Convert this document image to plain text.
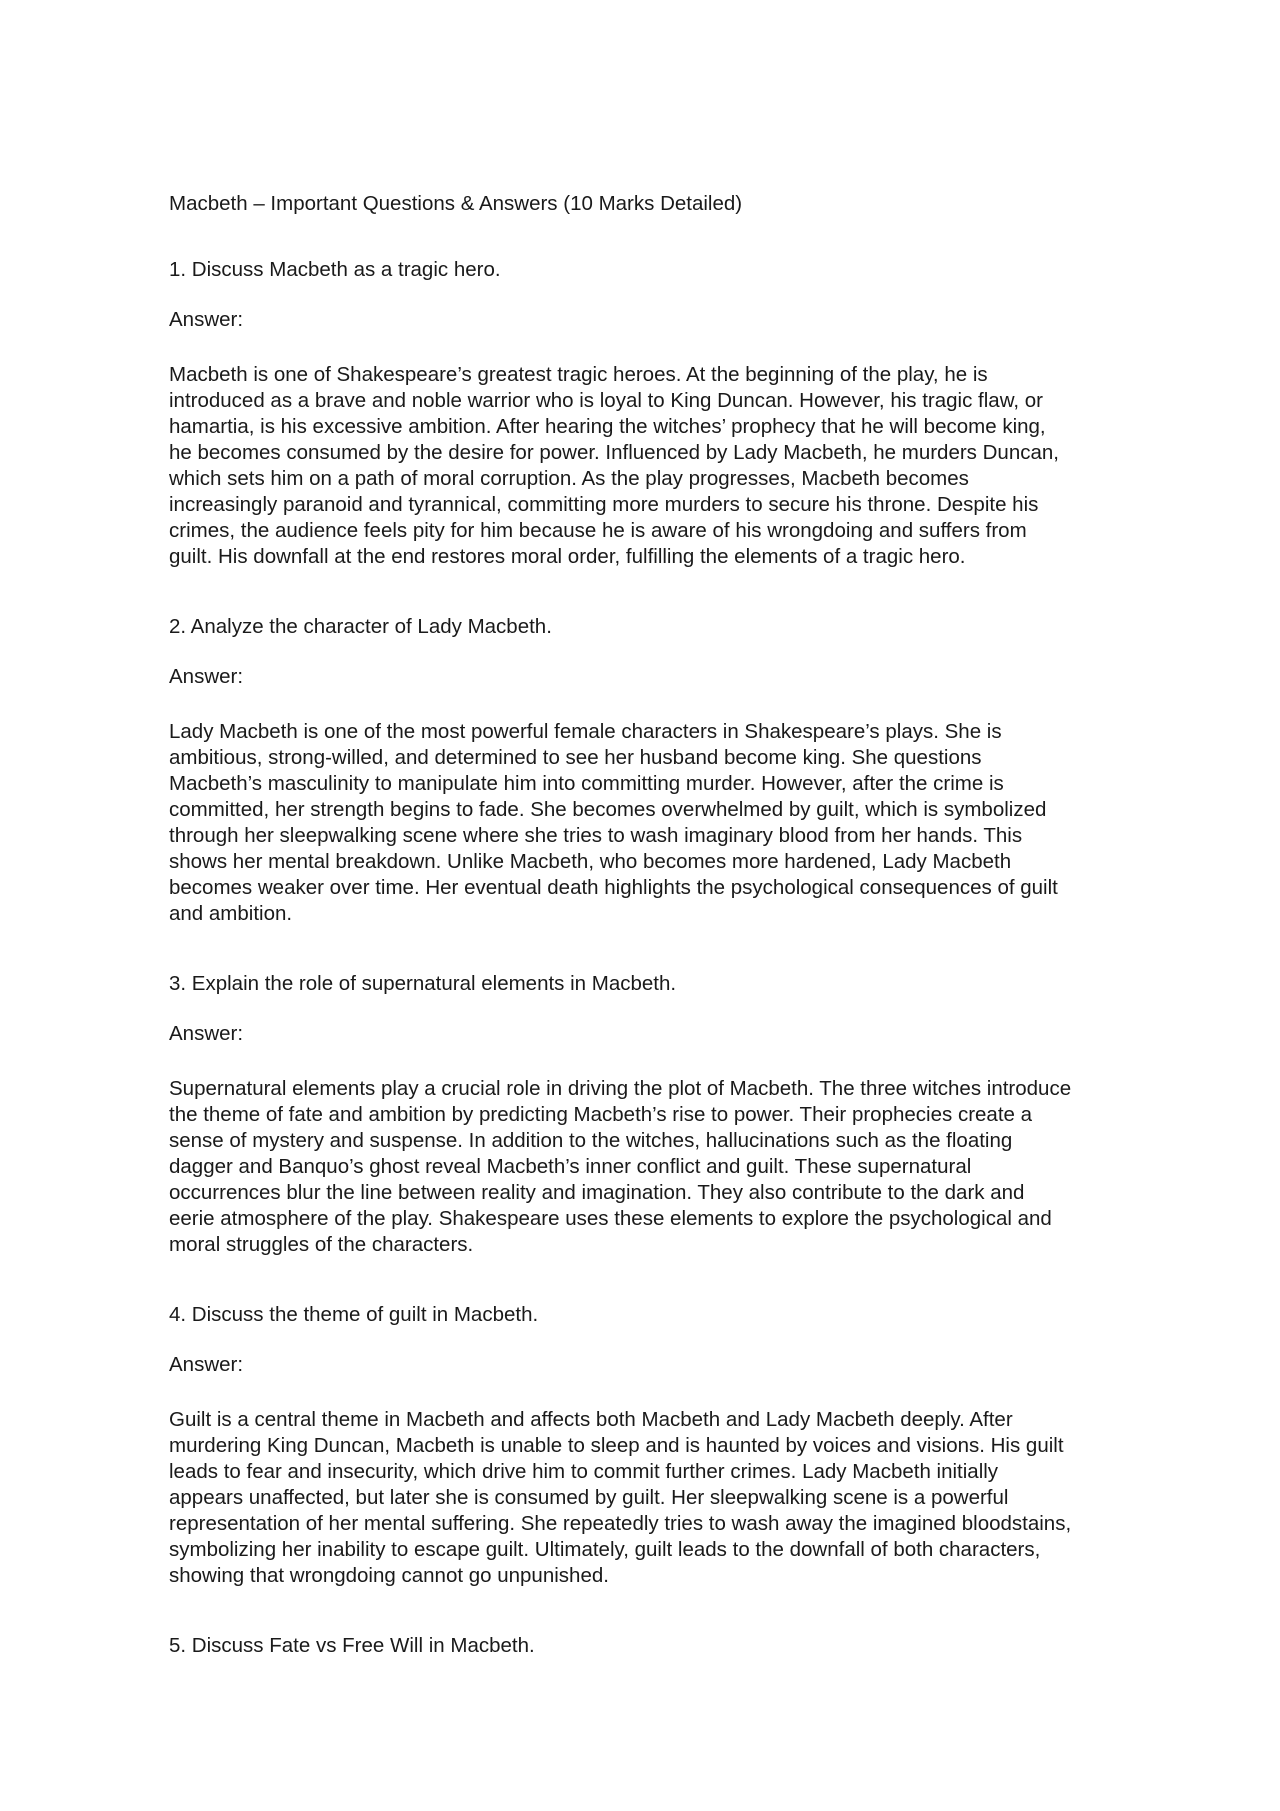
Macbeth – Important Questions & Answers (10 Marks Detailed)
1. Discuss Macbeth as a tragic hero.
Answer:

Macbeth is one of Shakespeare’s greatest tragic heroes. At the beginning of the play, he is
introduced as a brave and noble warrior who is loyal to King Duncan. However, his tragic flaw, or
hamartia, is his excessive ambition. After hearing the witches’ prophecy that he will become king,
he becomes consumed by the desire for power. Influenced by Lady Macbeth, he murders Duncan,
which sets him on a path of moral corruption. As the play progresses, Macbeth becomes
increasingly paranoid and tyrannical, committing more murders to secure his throne. Despite his
crimes, the audience feels pity for him because he is aware of his wrongdoing and suffers from
guilt. His downfall at the end restores moral order, fulfilling the elements of a tragic hero.

2. Analyze the character of Lady Macbeth.
Answer:

Lady Macbeth is one of the most powerful female characters in Shakespeare’s plays. She is
ambitious, strong-willed, and determined to see her husband become king. She questions
Macbeth’s masculinity to manipulate him into committing murder. However, after the crime is
committed, her strength begins to fade. She becomes overwhelmed by guilt, which is symbolized
through her sleepwalking scene where she tries to wash imaginary blood from her hands. This
shows her mental breakdown. Unlike Macbeth, who becomes more hardened, Lady Macbeth
becomes weaker over time. Her eventual death highlights the psychological consequences of guilt
and ambition.

3. Explain the role of supernatural elements in Macbeth.
Answer:

Supernatural elements play a crucial role in driving the plot of Macbeth. The three witches introduce
the theme of fate and ambition by predicting Macbeth’s rise to power. Their prophecies create a
sense of mystery and suspense. In addition to the witches, hallucinations such as the floating
dagger and Banquo’s ghost reveal Macbeth’s inner conflict and guilt. These supernatural
occurrences blur the line between reality and imagination. They also contribute to the dark and
eerie atmosphere of the play. Shakespeare uses these elements to explore the psychological and
moral struggles of the characters.

4. Discuss the theme of guilt in Macbeth.
Answer:

Guilt is a central theme in Macbeth and affects both Macbeth and Lady Macbeth deeply. After
murdering King Duncan, Macbeth is unable to sleep and is haunted by voices and visions. His guilt
leads to fear and insecurity, which drive him to commit further crimes. Lady Macbeth initially
appears unaffected, but later she is consumed by guilt. Her sleepwalking scene is a powerful
representation of her mental suffering. She repeatedly tries to wash away the imagined bloodstains,
symbolizing her inability to escape guilt. Ultimately, guilt leads to the downfall of both characters,
showing that wrongdoing cannot go unpunished.

5. Discuss Fate vs Free Will in Macbeth.
